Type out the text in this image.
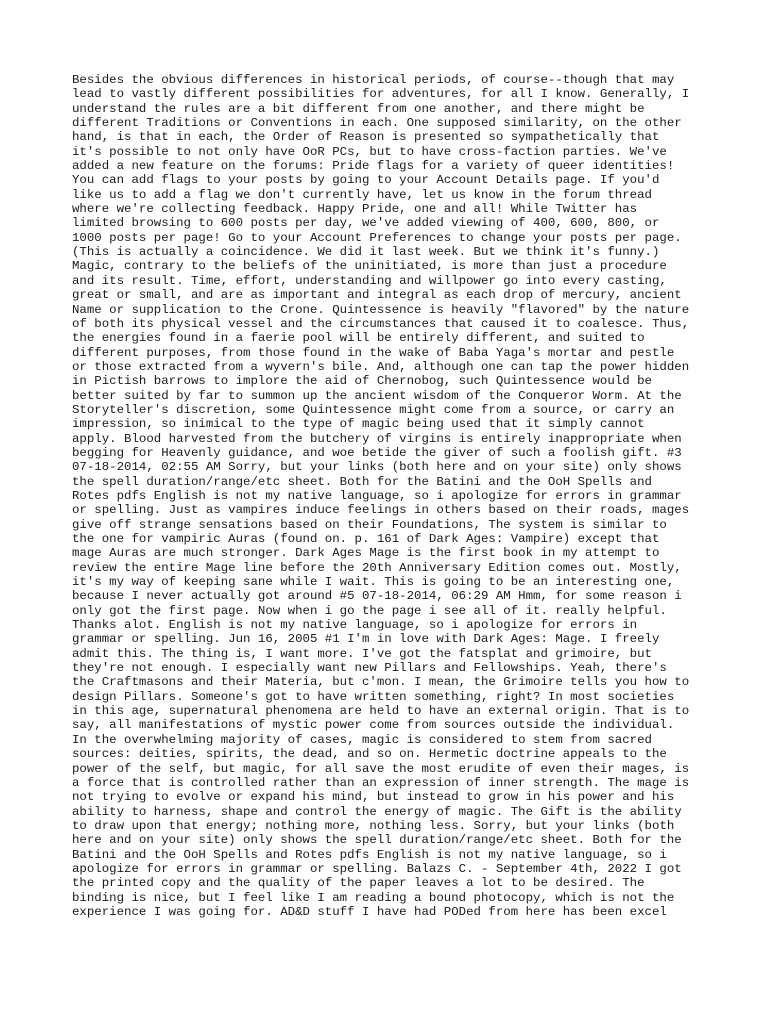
Besides the obvious differences in historical periods, of course--though that may
lead to vastly different possibilities for adventures, for all I know. Generally, I
understand the rules are a bit different from one another, and there might be
different Traditions or Conventions in each. One supposed similarity, on the other
hand, is that in each, the Order of Reason is presented so sympathetically that
it's possible to not only have OoR PCs, but to have cross-faction parties. We've
added a new feature on the forums: Pride flags for a variety of queer identities!
You can add flags to your posts by going to your Account Details page. If you'd
like us to add a flag we don't currently have, let us know in the forum thread
where we're collecting feedback. Happy Pride, one and all! While Twitter has
limited browsing to 600 posts per day, we've added viewing of 400, 600, 800, or
1000 posts per page! Go to your Account Preferences to change your posts per page.
(This is actually a coincidence. We did it last week. But we think it's funny.)
Magic, contrary to the beliefs of the uninitiated, is more than just a procedure
and its result. Time, effort, understanding and willpower go into every casting,
great or small, and are as important and integral as each drop of mercury, ancient
Name or supplication to the Crone. Quintessence is heavily "flavored" by the nature
of both its physical vessel and the circumstances that caused it to coalesce. Thus,
the energies found in a faerie pool will be entirely different, and suited to
different purposes, from those found in the wake of Baba Yaga's mortar and pestle
or those extracted from a wyvern's bile. And, although one can tap the power hidden
in Pictish barrows to implore the aid of Chernobog, such Quintessence would be
better suited by far to summon up the ancient wisdom of the Conqueror Worm. At the
Storyteller's discretion, some Quintessence might come from a source, or carry an
impression, so inimical to the type of magic being used that it simply cannot
apply. Blood harvested from the butchery of virgins is entirely inappropriate when
begging for Heavenly guidance, and woe betide the giver of such a foolish gift. #3
07-18-2014, 02:55 AM Sorry, but your links (both here and on your site) only shows
the spell duration/range/etc sheet. Both for the Batini and the OoH Spells and
Rotes pdfs English is not my native language, so i apologize for errors in grammar
or spelling. Just as vampires induce feelings in others based on their roads, mages
give off strange sensations based on their Foundations, The system is similar to
the one for vampiric Auras (found on. p. 161 of Dark Ages: Vampire) except that
mage Auras are much stronger. Dark Ages Mage is the first book in my attempt to
review the entire Mage line before the 20th Anniversary Edition comes out. Mostly,
it's my way of keeping sane while I wait. This is going to be an interesting one,
because I never actually got around #5 07-18-2014, 06:29 AM Hmm, for some reason i
only got the first page. Now when i go the page i see all of it. really helpful.
Thanks alot. English is not my native language, so i apologize for errors in
grammar or spelling. Jun 16, 2005 #1 I'm in love with Dark Ages: Mage. I freely
admit this. The thing is, I want more. I've got the fatsplat and grimoire, but
they're not enough. I especially want new Pillars and Fellowships. Yeah, there's
the Craftmasons and their Materia, but c'mon. I mean, the Grimoire tells you how to
design Pillars. Someone's got to have written something, right? In most societies
in this age, supernatural phenomena are held to have an external origin. That is to
say, all manifestations of mystic power come from sources outside the individual.
In the overwhelming majority of cases, magic is considered to stem from sacred
sources: deities, spirits, the dead, and so on. Hermetic doctrine appeals to the
power of the self, but magic, for all save the most erudite of even their mages, is
a force that is controlled rather than an expression of inner strength. The mage is
not trying to evolve or expand his mind, but instead to grow in his power and his
ability to harness, shape and control the energy of magic. The Gift is the ability
to draw upon that energy; nothing more, nothing less. Sorry, but your links (both
here and on your site) only shows the spell duration/range/etc sheet. Both for the
Batini and the OoH Spells and Rotes pdfs English is not my native language, so i
apologize for errors in grammar or spelling. Balazs C. - September 4th, 2022 I got
the printed copy and the quality of the paper leaves a lot to be desired. The
binding is nice, but I feel like I am reading a bound photocopy, which is not the
experience I was going for. AD&D stuff I have had PODed from here has been excel
